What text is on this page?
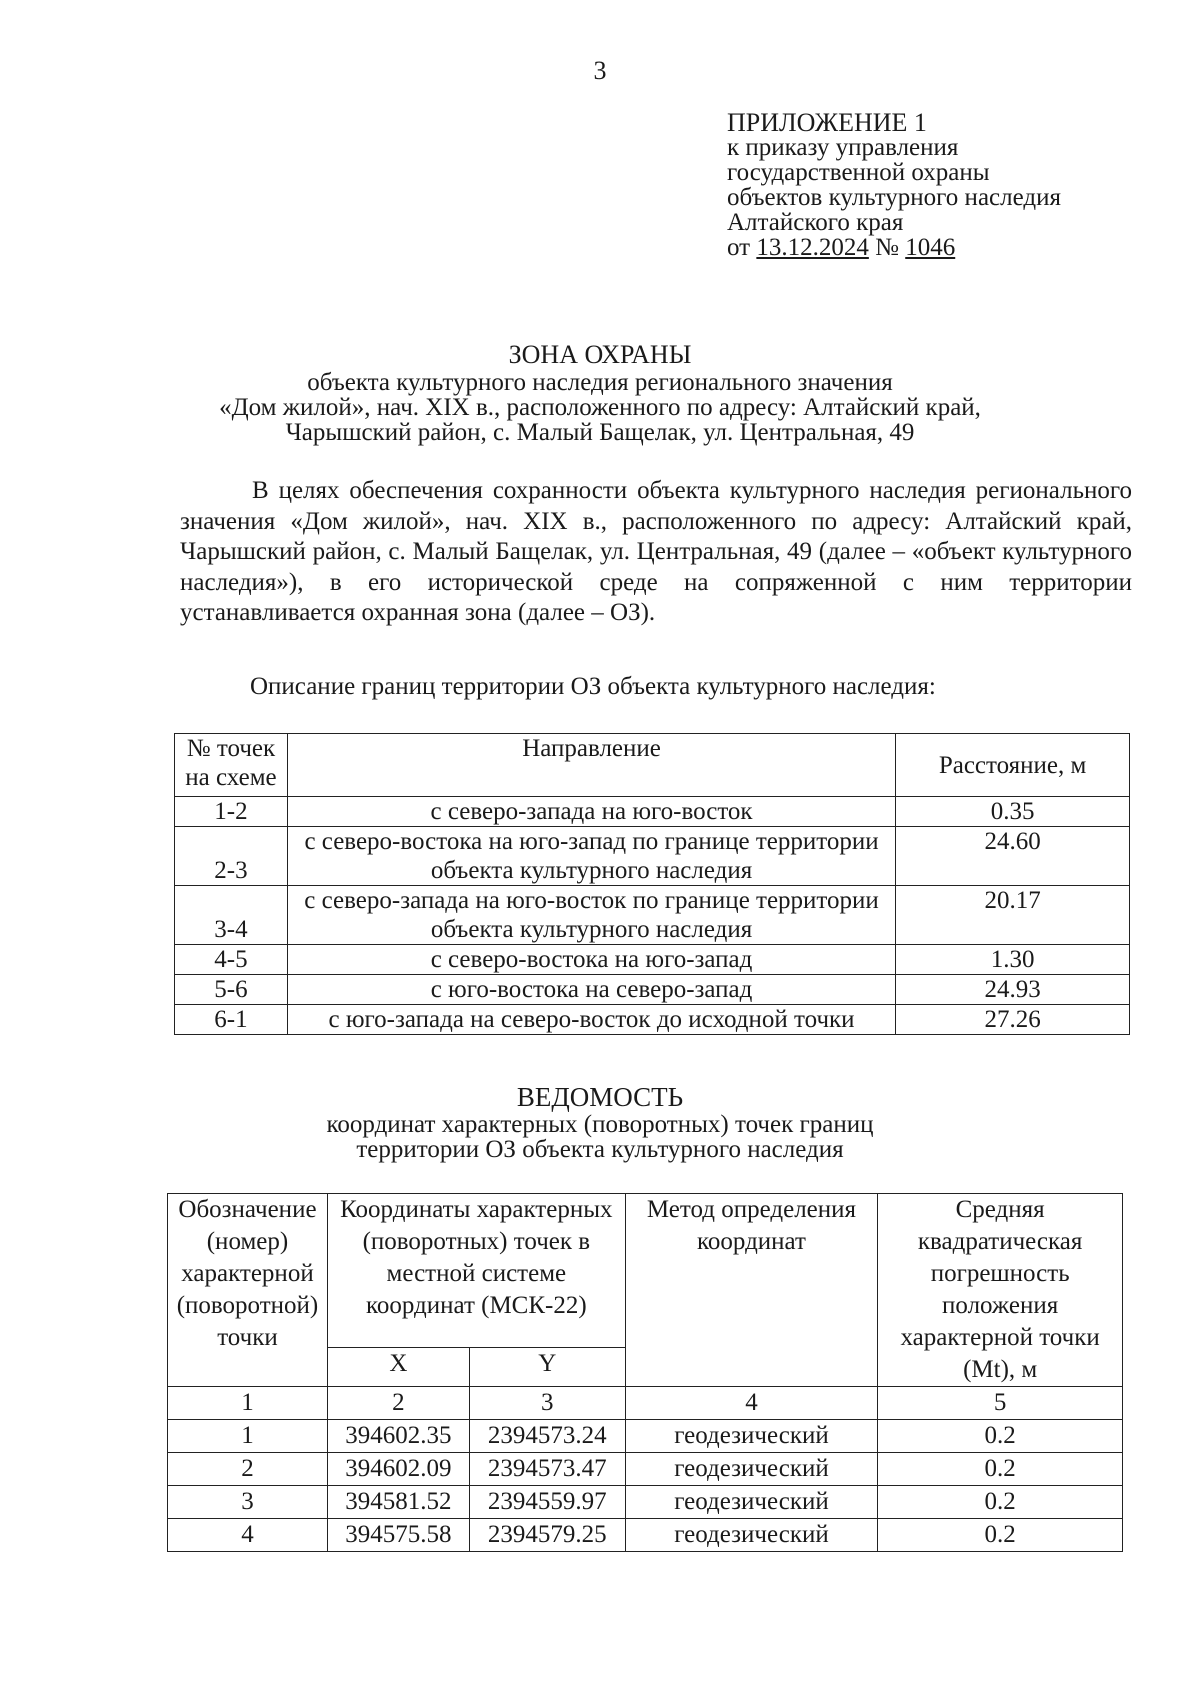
3
ПРИЛОЖЕНИЕ 1
к приказу управления
государственной охраны
объектов культурного наследия
Алтайского края
от 13.12.2024 № 1046
ЗОНА ОХРАНЫ
объекта культурного наследия регионального значения
«Дом жилой», нач. XIX в., расположенного по адресу: Алтайский край,
Чарышский район, с. Малый Бащелак, ул. Центральная, 49

В целях обеспечения сохранности объекта культурного наследия регионального значения «Дом жилой», нач. XIX в., расположенного по адресу: Алтайский край, Чарышский район, с. Малый Бащелак, ул. Центральная, 49 (далее – «объект культурного наследия»), в его исторической среде на сопряженной с ним территории устанавливается охранная зона (далее – ОЗ).

Описание границ территории ОЗ объекта культурного наследия:
№ точек на схеме	Направление	Расстояние, м
1-2	с северо-запада на юго-восток	0.35
2-3	с северо-востока на юго-запад по границе территории объекта культурного наследия	24.60
3-4	с северо-запада на юго-восток по границе территории объекта культурного наследия	20.17
4-5	с северо-востока на юго-запад	1.30
5-6	с юго-востока на северо-запад	24.93
6-1	с юго-запада на северо-восток до исходной точки	27.26
ВЕДОМОСТЬ
координат характерных (поворотных) точек границ
территории ОЗ объекта культурного наследия
Обозначение (номер) характерной (поворотной) точки	Координаты характерных (поворотных) точек в местной системе координат (МСК-22)		Метод определения координат	Средняя квадратическая погрешность положения характерной точки (Mt), м
	X	Y		
1	2	3	4	5
1	394602.35	2394573.24	геодезический	0.2
2	394602.09	2394573.47	геодезический	0.2
3	394581.52	2394559.97	геодезический	0.2
4	394575.58	2394579.25	геодезический	0.2
